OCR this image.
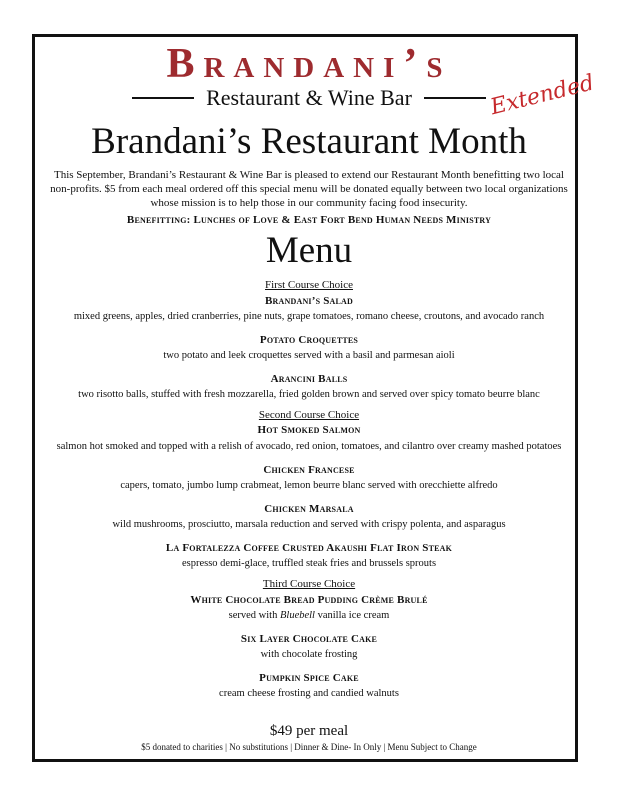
Brandani’s
Restaurant & Wine Bar	Extended
Brandani’s Restaurant Month
This September, Brandani’s Restaurant & Wine Bar is pleased to extend our Restaurant Month benefitting two local non-profits. $5 from each meal ordered off this special menu will be donated equally between two local organizations whose mission is to help those in our community facing food insecurity.
Benefitting: Lunches of Love & East Fort Bend Human Needs Ministry
Menu
First Course Choice
Brandani’s Salad
mixed greens, apples, dried cranberries, pine nuts, grape tomatoes, romano cheese, croutons, and avocado ranch
Potato Croquettes
two potato and leek croquettes served with a basil and parmesan aioli
Arancini Balls
two risotto balls, stuffed with fresh mozzarella, fried golden brown and served over spicy tomato beurre blanc
Second Course Choice
Hot Smoked Salmon
salmon hot smoked and topped with a relish of avocado, red onion, tomatoes, and cilantro over creamy mashed potatoes
Chicken Francese
capers, tomato, jumbo lump crabmeat, lemon beurre blanc served with orecchiette alfredo
Chicken Marsala
wild mushrooms, prosciutto, marsala reduction and served with crispy polenta, and asparagus
La Fortalezza Coffee Crusted Akaushi Flat Iron Steak
espresso demi-glace, truffled steak fries and brussels sprouts
Third Course Choice
White Chocolate Bread Pudding Crème Brulé
served with Bluebell vanilla ice cream
Six Layer Chocolate Cake
with chocolate frosting
Pumpkin Spice Cake
cream cheese frosting and candied walnuts
$49 per meal
$5 donated to charities | No substitutions | Dinner & Dine- In Only | Menu Subject to Change
